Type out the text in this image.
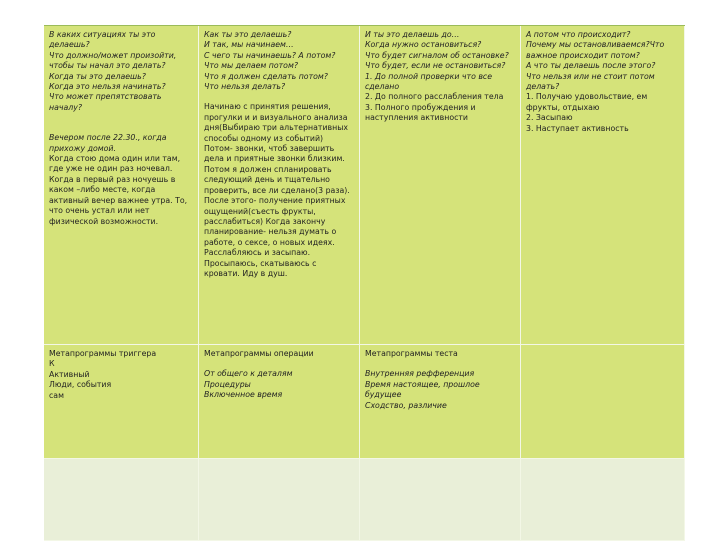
В каких ситуациях ты это делаешь?
Что должно/может произойти, чтобы ты начал это делать?
Когда ты это делаешь?
Когда это нельзя начинать?
Что может препятствовать началу?
Вечером после 22.30., когда прихожу домой.
Когда стою дома один или там, где уже не один раз ночевал. Когда в первый раз ночуешь в каком –либо месте, когда активный вечер важнее утра. То, что очень устал или нет физической возможности.
Как ты это делаешь?
И так, мы начинаем…
С чего ты начинаешь? А потом?
Что мы делаем потом?
Что я должен сделать потом?
Что нельзя делать?
Начинаю с принятия решения, прогулки и и визуального анализа дня(Выбираю три альтернативных способы одному из событий) Потом- звонки, чтоб завершить дела и приятные звонки близким.
Потом я должен спланировать следующий день и тщательно проверить, все ли сделано(3 раза). После этого- получение приятных ощущений(съесть фрукты, расслабиться) Когда закончу планирование- нельзя думать о работе, о сексе, о новых идеях.
Расслабляюсь и засыпаю.
Просыпаюсь, скатываюсь с кровати. Иду в душ.
И ты это делаешь до…
Когда нужно остановиться?
Что будет сигналом об остановке?
Что будет, если не остановиться?
1. До полной проверки что все сделано
2. До полного расслабления тела
3. Полного пробуждения и наступления активности
А потом что происходит?
Почему мы остановливаемся?Что важное происходит потом?
А что ты делаешь после этого?
Что нельзя или не стоит потом делать?
1. Получаю удовольствие, ем фрукты, отдыхаю
2. Засыпаю
3. Наступает активность
Метапрограммы триггера
К
Активный
Люди, события
сам
Метапрограммы операции
От общего к деталям
Процедуры
Включенное время
Метапрограммы теста
Внутренняя рефференция
Время настоящее, прошлое будущее
Сходство, различие
